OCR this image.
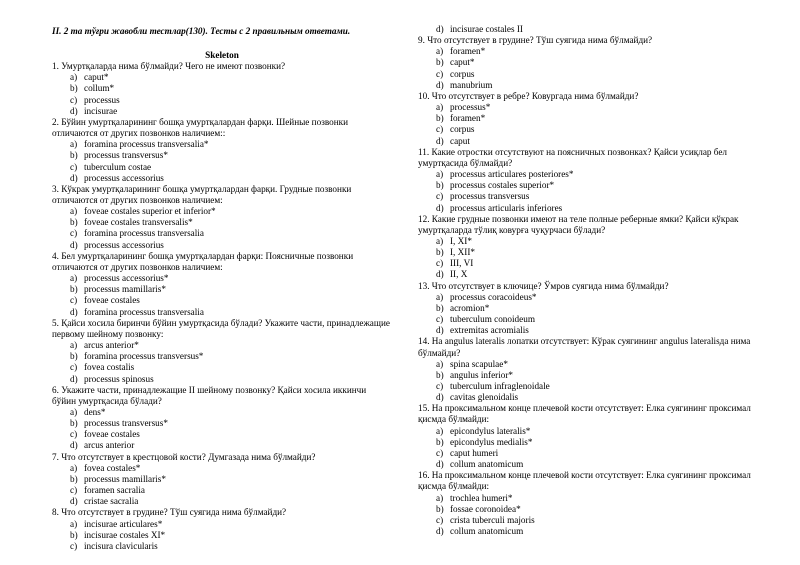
II. 2 та тўғри жавобли тестлар(130). Тесты с 2 правильным ответами.
Skeleton
1. Умуртқаларда нима бўлмайди? Чего не имеют позвонки?
a) caput*
b) collum*
c) processus
d) incisurae
2. Бўйин умуртқаларининг бошқа умуртқалардан фарқи. Шейные позвонки отличаются от других позвонков наличием::
a) foramina processus transversalia*
b) processus transversus*
c) tuberculum costae
d) processus accessorius
3. Кўкрак умуртқаларининг бошқа умуртқалардан фарқи. Грудные позвонки отличаются от других позвонков наличием:
a) foveae costales superior et inferior*
b) foveae costales transversalis*
c) foramina processus transversalia
d) processus accessorius
4. Бел умуртқаларининг бошқа умуртқалардан фарқи: Поясничные позвонки отличаются от других позвонков наличием:
a) processus accessorius*
b) processus mamillaris*
c) foveae costales
d) foramina processus transversalia
5. Қайси хосила биринчи бўйин умуртқасида бўлади? Укажите части, принадлежащие первому шейному позвонку:
a) arcus anterior*
b) foramina processus transversus*
c) fovea costalis
d) processus spinosus
6. Укажите части, принадлежащие II шейному позвонку? Қайси хосила иккинчи бўйин умуртқасида бўлади?
a) dens*
b) processus transversus*
c) foveae costales
d) arcus anterior
7. Что отсутствует в крестцовой кости? Думгазада нима бўлмайди?
a) fovea costales*
b) processus mamillaris*
c) foramen sacralia
d) cristae sacralia
8. Что отсутствует в грудине? Тўш суягида нима бўлмайди?
a) incisurae articulares*
b) incisurae costales XI*
c) incisura clavicularis
d) incisurae costales II
9. Что отсутствует в грудине? Тўш суягида нима бўлмайди?
a) foramen*
b) caput*
c) corpus
d) manubrium
10. Что отсутствует в ребре? Ковургада нима бўлмайди?
a) processus*
b) foramen*
c) corpus
d) caput
11. Какие отростки отсутствуют на поясничных позвонках? Қайси усиқлар бел умуртқасида бўлмайди?
a) processus articulares posteriores*
b) processus costales superior*
c) processus transversus
d) processus articularis inferiores
12. Какие грудные позвонки имеют на теле полные реберные ямки? Қайси кўкрак умуртқаларда тўлиқ ковурға чуқурчаси бўлади?
a) I, XI*
b) I, XII*
c) III, VI
d) II, X
13. Что отсутствует в ключице? Ўмров суягида нима бўлмайди?
a) processus coracoideus*
b) acromion*
c) tuberculum conoideum
d) extremitas acromialis
14. На angulus lateralis лопатки отсутствует: Кўрак суягининг angulus lateralisда нима бўлмайди?
a) spina scapulae*
b) angulus inferior*
c) tuberculum infraglenoidale
d) cavitas glenoidalis
15. На проксимальном конце плечевой кости отсутствует: Елка суягининг проксимал қисмда бўлмайди:
a) epicondylus lateralis*
b) epicondylus medialis*
c) caput humeri
d) collum anatomicum
16. На проксимальном конце плечевой кости отсутствует: Елка суягининг проксимал қисмда бўлмайди:
a) trochlea humeri*
b) fossae coronoidea*
c) crista tuberculi majoris
d) collum anatomicum
